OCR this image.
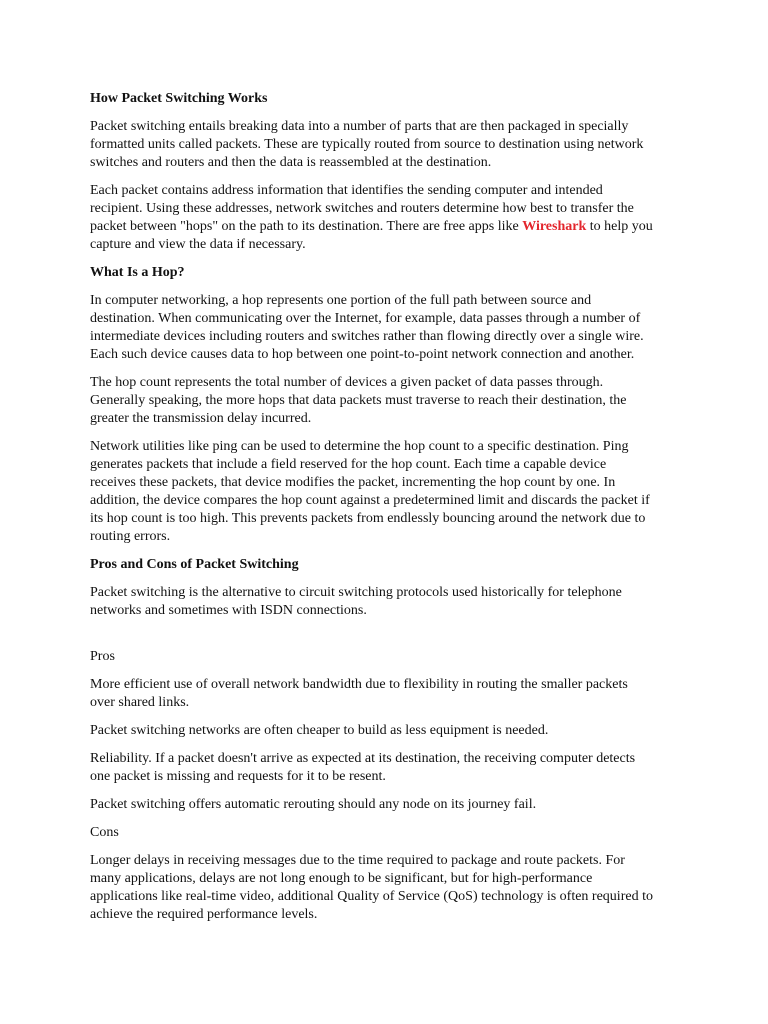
How Packet Switching Works

Packet switching entails breaking data into a number of parts that are then packaged in specially formatted units called packets. These are typically routed from source to destination using network switches and routers and then the data is reassembled at the destination.

Each packet contains address information that identifies the sending computer and intended recipient. Using these addresses, network switches and routers determine how best to transfer the packet between "hops" on the path to its destination. There are free apps like Wireshark to help you capture and view the data if necessary.

What Is a Hop?

In computer networking, a hop represents one portion of the full path between source and destination. When communicating over the Internet, for example, data passes through a number of intermediate devices including routers and switches rather than flowing directly over a single wire. Each such device causes data to hop between one point-to-point network connection and another.

The hop count represents the total number of devices a given packet of data passes through. Generally speaking, the more hops that data packets must traverse to reach their destination, the greater the transmission delay incurred.

Network utilities like ping can be used to determine the hop count to a specific destination. Ping generates packets that include a field reserved for the hop count. Each time a capable device receives these packets, that device modifies the packet, incrementing the hop count by one. In addition, the device compares the hop count against a predetermined limit and discards the packet if its hop count is too high. This prevents packets from endlessly bouncing around the network due to routing errors.

Pros and Cons of Packet Switching

Packet switching is the alternative to circuit switching protocols used historically for telephone networks and sometimes with ISDN connections.

Pros

More efficient use of overall network bandwidth due to flexibility in routing the smaller packets over shared links.

Packet switching networks are often cheaper to build as less equipment is needed.

Reliability. If a packet doesn't arrive as expected at its destination, the receiving computer detects one packet is missing and requests for it to be resent.

Packet switching offers automatic rerouting should any node on its journey fail.

Cons

Longer delays in receiving messages due to the time required to package and route packets. For many applications, delays are not long enough to be significant, but for high-performance applications like real-time video, additional Quality of Service (QoS) technology is often required to achieve the required performance levels.
